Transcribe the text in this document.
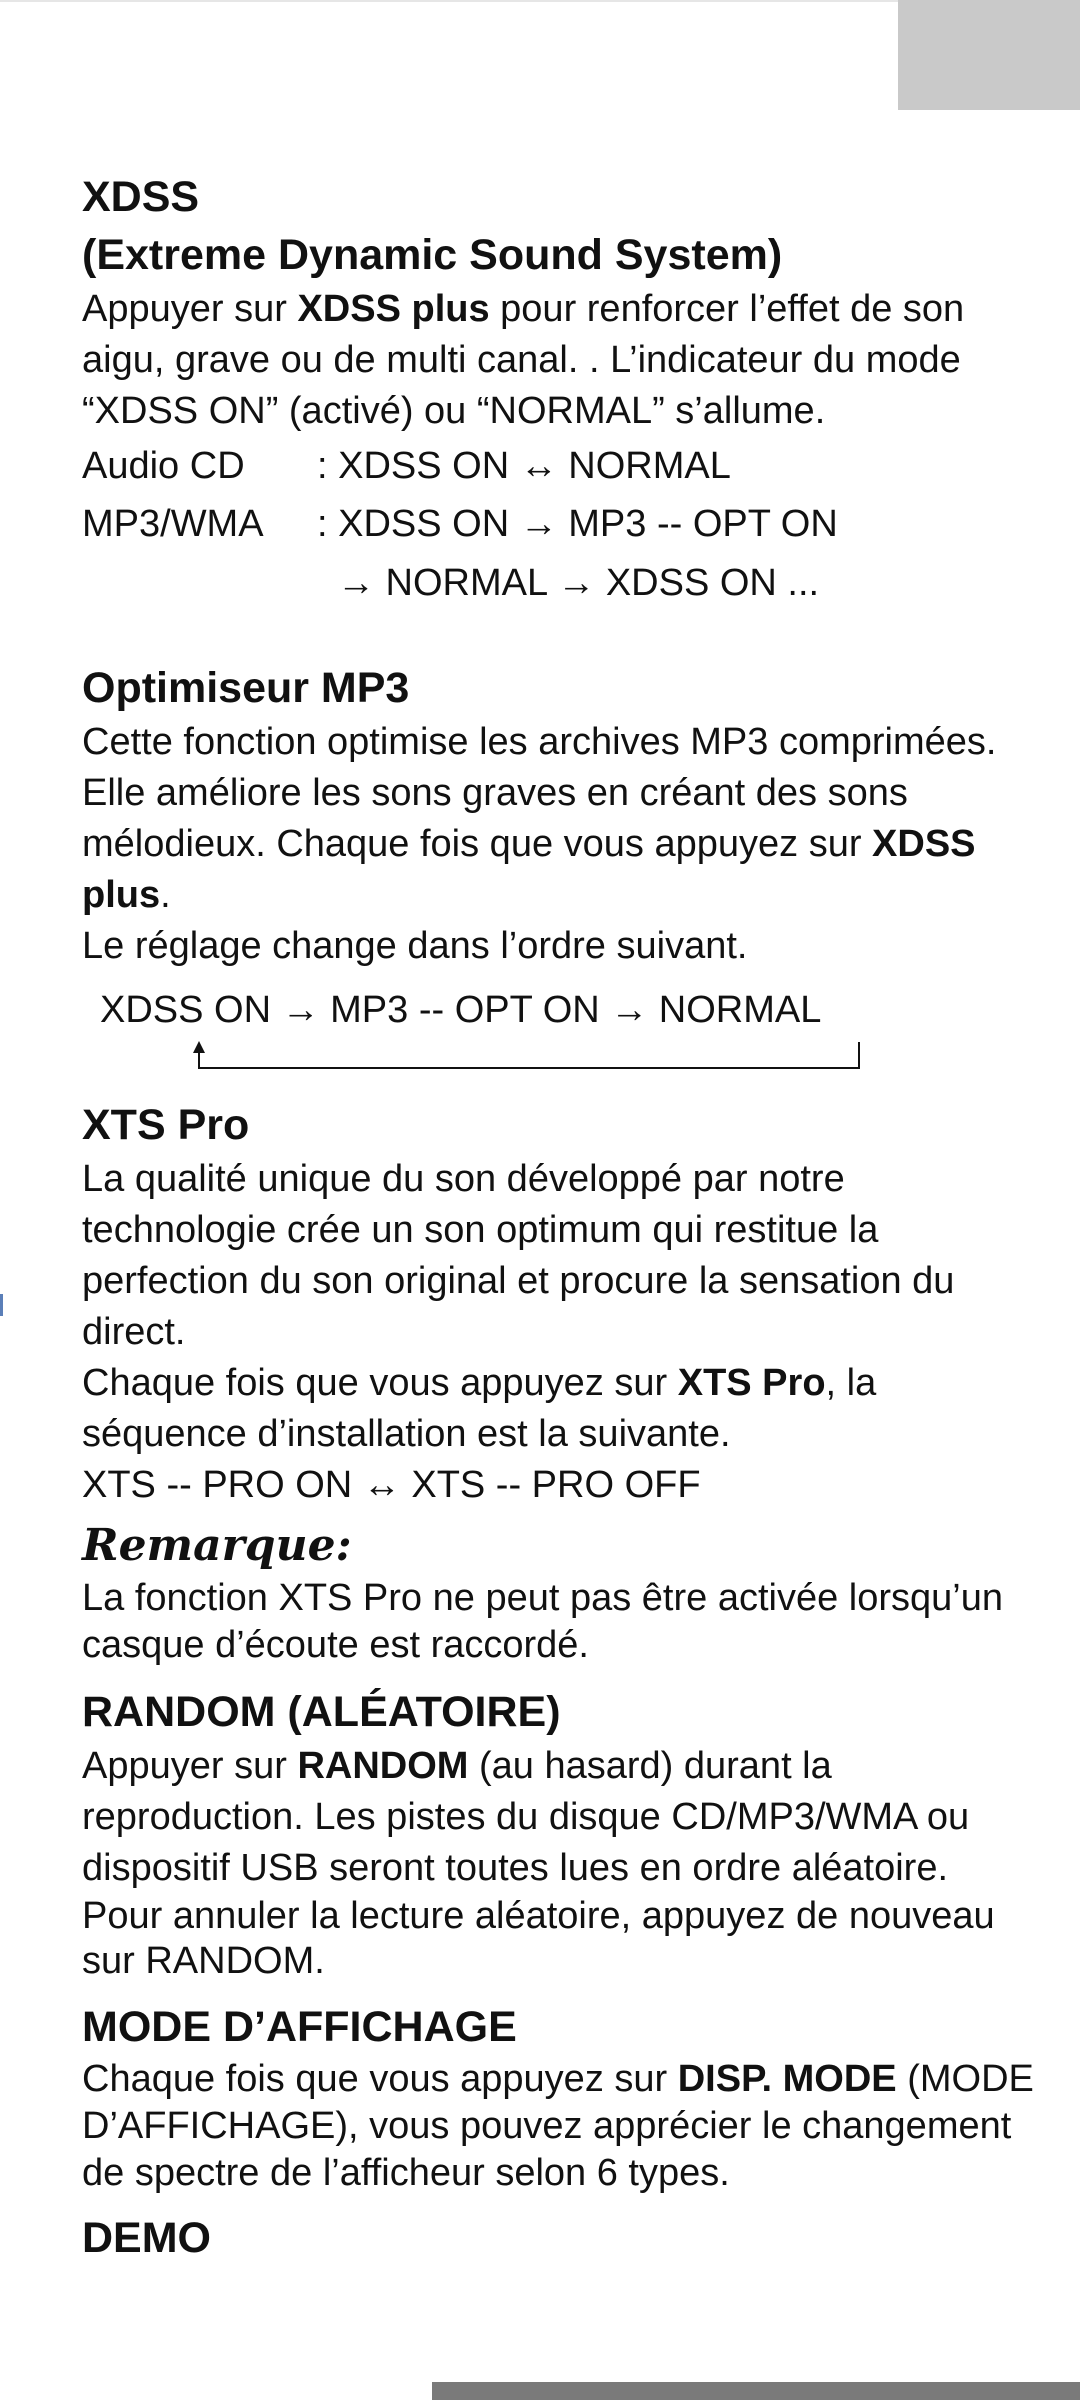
XDSS

(Extreme Dynamic Sound System)

Appuyer sur XDSS plus pour renforcer l’effet de son aigu, grave ou de multi canal. . L’indicateur du mode “XDSS ON” (activé) ou “NORMAL” s’allume.

Audio CD	: XDSS ON ↔ NORMAL
MP3/WMA	: XDSS ON → MP3 -- OPT ON
→ NORMAL → XDSS ON ...

Optimiseur MP3

Cette fonction optimise les archives MP3 comprimées. Elle améliore les sons graves en créant des sons mélodieux. Chaque fois que vous appuyez sur XDSS plus.

Le réglage change dans l’ordre suivant.

XDSS ON → MP3 -- OPT ON → NORMAL

XTS Pro

La qualité unique du son développé par notre technologie crée un son optimum qui restitue la perfection du son original et procure la sensation du direct.

Chaque fois que vous appuyez sur XTS Pro, la séquence d’installation est la suivante.

XTS -- PRO ON ↔ XTS -- PRO OFF

Remarque:

La fonction XTS Pro ne peut pas être activée lorsqu’un casque d’écoute est raccordé.

RANDOM (ALÉATOIRE)

Appuyer sur RANDOM (au hasard) durant la reproduction. Les pistes du disque CD/MP3/WMA ou dispositif USB seront toutes lues en ordre aléatoire.

Pour annuler la lecture aléatoire, appuyez de nouveau sur RANDOM.

MODE D’AFFICHAGE

Chaque fois que vous appuyez sur DISP. MODE (MODE D’AFFICHAGE), vous pouvez apprécier le changement de spectre de l’afficheur selon 6 types.

DEMO
